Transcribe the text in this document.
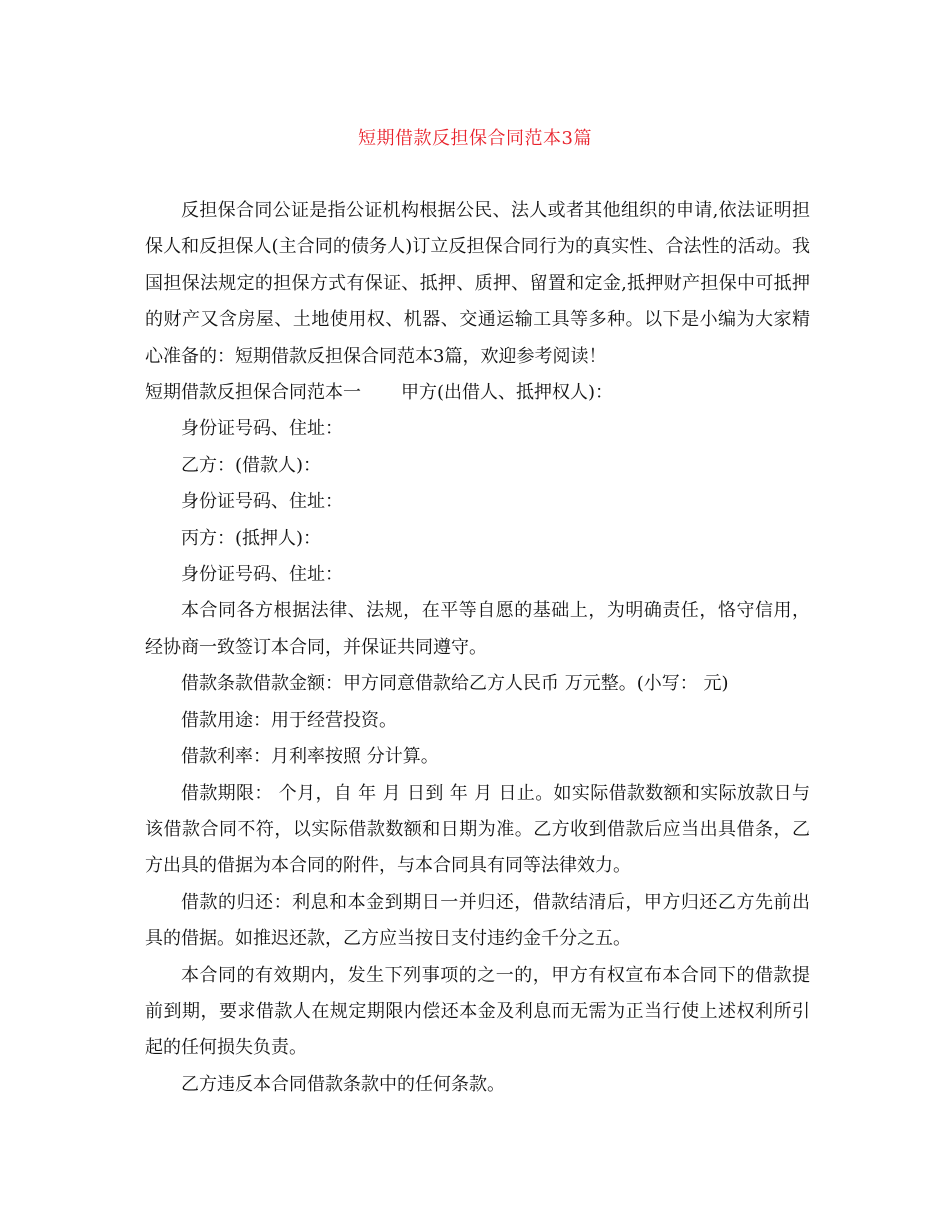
短期借款反担保合同范本3篇

反担保合同公证是指公证机构根据公民、法人或者其他组织的申请,依法证明担保人和反担保人(主合同的债务人)订立反担保合同行为的真实性、合法性的活动。我国担保法规定的担保方式有保证、抵押、质押、留置和定金,抵押财产担保中可抵押的财产又含房屋、土地使用权、机器、交通运输工具等多种。以下是小编为大家精心准备的：短期借款反担保合同范本3篇，欢迎参考阅读！

短期借款反担保合同范本一 甲方(出借人、抵押权人)：

身份证号码、住址：

乙方：(借款人)：

身份证号码、住址：

丙方：(抵押人)：

身份证号码、住址：

本合同各方根据法律、法规，在平等自愿的基础上，为明确责任，恪守信用，经协商一致签订本合同，并保证共同遵守。

借款条款借款金额：甲方同意借款给乙方人民币 万元整。(小写： 元)

借款用途：用于经营投资。

借款利率：月利率按照 分计算。

借款期限： 个月，自 年 月 日到 年 月 日止。如实际借款数额和实际放款日与该借款合同不符，以实际借款数额和日期为准。乙方收到借款后应当出具借条，乙方出具的借据为本合同的附件，与本合同具有同等法律效力。

借款的归还：利息和本金到期日一并归还，借款结清后，甲方归还乙方先前出具的借据。如推迟还款，乙方应当按日支付违约金千分之五。

本合同的有效期内，发生下列事项的之一的，甲方有权宣布本合同下的借款提前到期，要求借款人在规定期限内偿还本金及利息而无需为正当行使上述权利所引起的任何损失负责。

乙方违反本合同借款条款中的任何条款。
